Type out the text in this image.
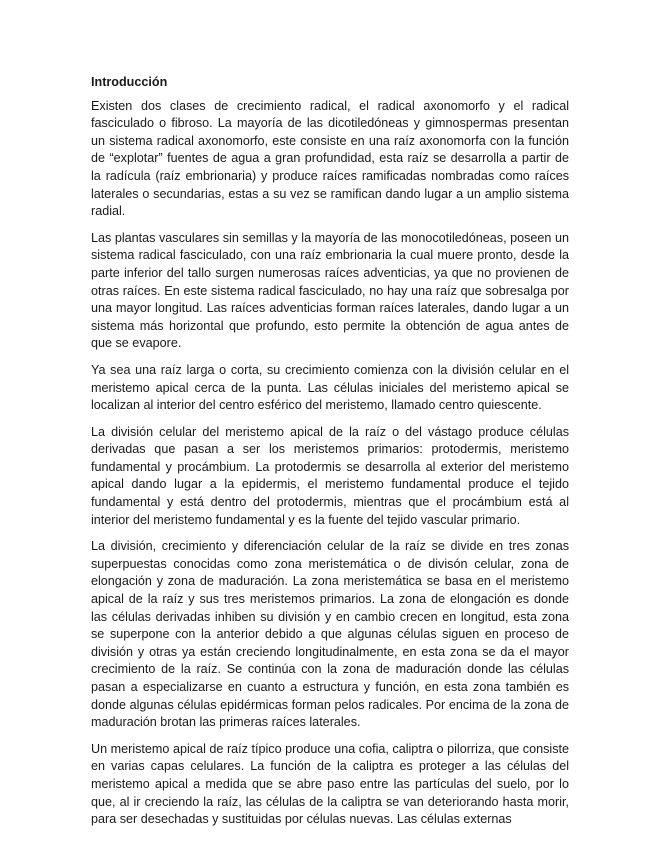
Introducción

Existen dos clases de crecimiento radical, el radical axonomorfo y el radical fasciculado o fibroso. La mayoría de las dicotiledóneas y gimnospermas presentan un sistema radical axonomorfo, este consiste en una raíz axonomorfa con la función de “explotar” fuentes de agua a gran profundidad, esta raíz se desarrolla a partir de la radícula (raíz embrionaria) y produce raíces ramificadas nombradas como raíces laterales o secundarias, estas a su vez se ramifican dando lugar a un amplio sistema radial.

Las plantas vasculares sin semillas y la mayoría de las monocotiledóneas, poseen un sistema radical fasciculado, con una raíz embrionaria la cual muere pronto, desde la parte inferior del tallo surgen numerosas raíces adventicias, ya que no provienen de otras raíces. En este sistema radical fasciculado, no hay una raíz que sobresalga por una mayor longitud. Las raíces adventicias forman raíces laterales, dando lugar a un sistema más horizontal que profundo, esto permite la obtención de agua antes de que se evapore.

Ya sea una raíz larga o corta, su crecimiento comienza con la división celular en el meristemo apical cerca de la punta. Las células iniciales del meristemo apical se localizan al interior del centro esférico del meristemo, llamado centro quiescente.

La división celular del meristemo apical de la raíz o del vástago produce células derivadas que pasan a ser los meristemos primarios: protodermis, meristemo fundamental y procámbium. La protodermis se desarrolla al exterior del meristemo apical dando lugar a la epidermis, el meristemo fundamental produce el tejido fundamental y está dentro del protodermis, mientras que el procámbium está al interior del meristemo fundamental y es la fuente del tejido vascular primario.

La división, crecimiento y diferenciación celular de la raíz se divide en tres zonas superpuestas conocidas como zona meristemática o de divisón celular, zona de elongación y zona de maduración. La zona meristemática se basa en el meristemo apical de la raíz y sus tres meristemos primarios. La zona de elongación es donde las células derivadas inhiben su división y en cambio crecen en longitud, esta zona se superpone con la anterior debido a que algunas células siguen en proceso de división y otras ya están creciendo longitudinalmente, en esta zona se da el mayor crecimiento de la raíz. Se continúa con la zona de maduración donde las células pasan a especializarse en cuanto a estructura y función, en esta zona también es donde algunas células epidérmicas forman pelos radicales. Por encima de la zona de maduración brotan las primeras raíces laterales.

Un meristemo apical de raíz típico produce una cofia, caliptra o pilorriza, que consiste en varias capas celulares. La función de la caliptra es proteger a las células del meristemo apical a medida que se abre paso entre las partículas del suelo, por lo que, al ir creciendo la raíz, las células de la caliptra se van deteriorando hasta morir, para ser desechadas y sustituidas por células nuevas. Las células externas
